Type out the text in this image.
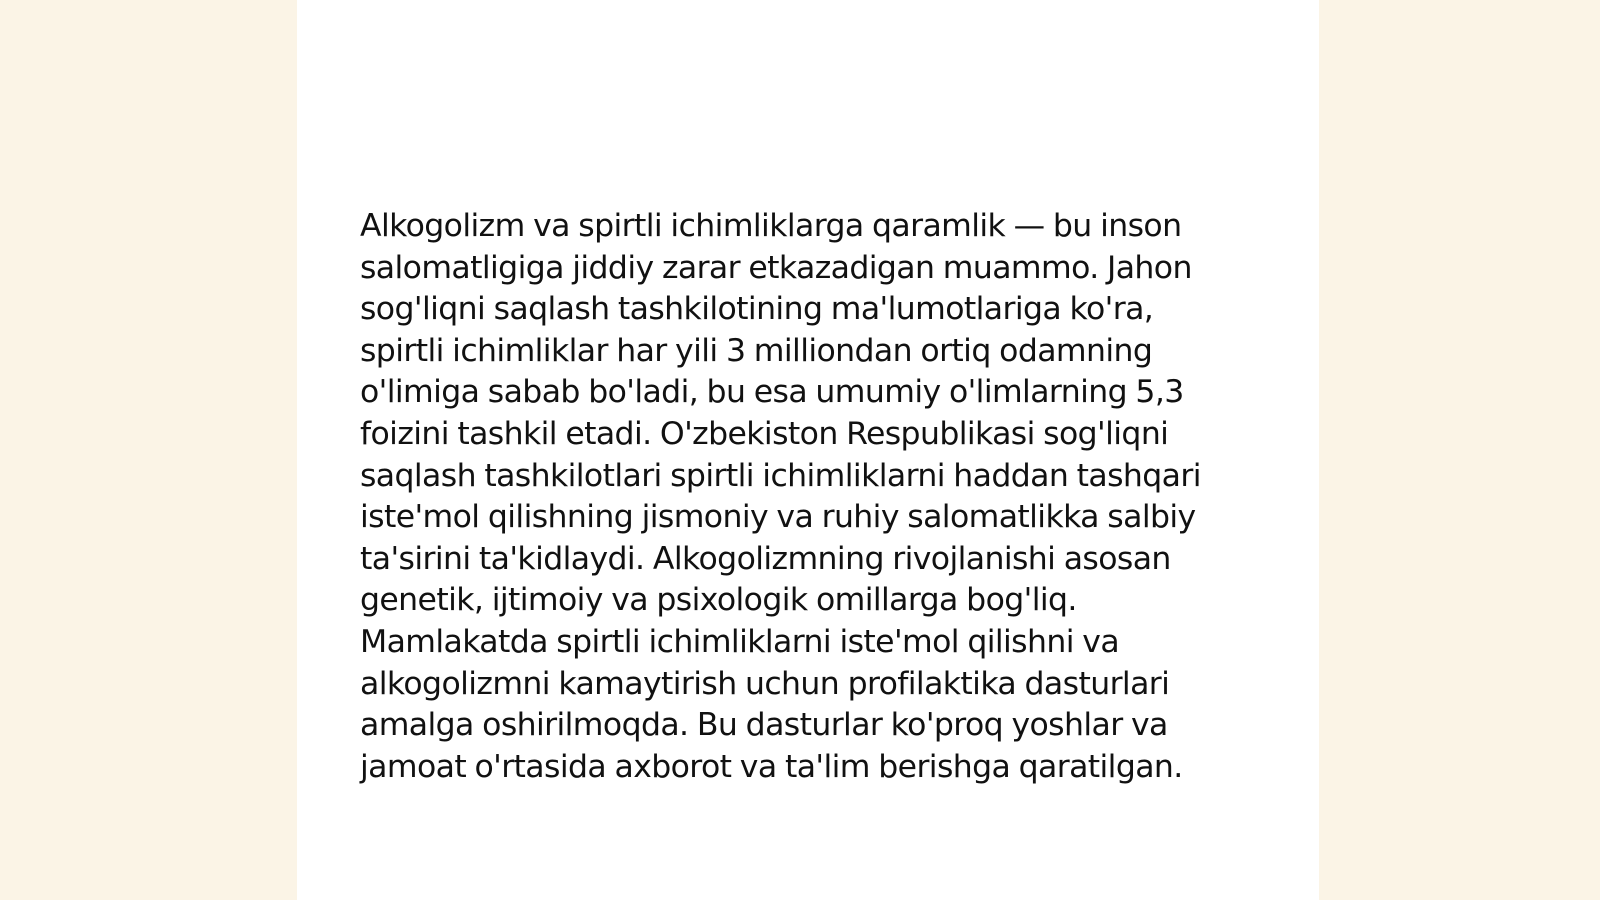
Alkogolizm va spirtli ichimliklarga qaramlik — bu inson salomatligiga jiddiy zarar etkazadigan muammo. Jahon sog'liqni saqlash tashkilotining ma'lumotlariga ko'ra, spirtli ichimliklar har yili 3 milliondan ortiq odamning o'limiga sabab bo'ladi, bu esa umumiy o'limlarning 5,3 foizini tashkil etadi. O'zbekiston Respublikasi sog'liqni saqlash tashkilotlari spirtli ichimliklarni haddan tashqari iste'mol qilishning jismoniy va ruhiy salomatlikka salbiy ta'sirini ta'kidlaydi. Alkogolizmning rivojlanishi asosan genetik, ijtimoiy va psixologik omillarga bog'liq. Mamlakatda spirtli ichimliklarni iste'mol qilishni va alkogolizmni kamaytirish uchun profilaktika dasturlari amalga oshirilmoqda. Bu dasturlar ko'proq yoshlar va jamoat o'rtasida axborot va ta'lim berishga qaratilgan.
